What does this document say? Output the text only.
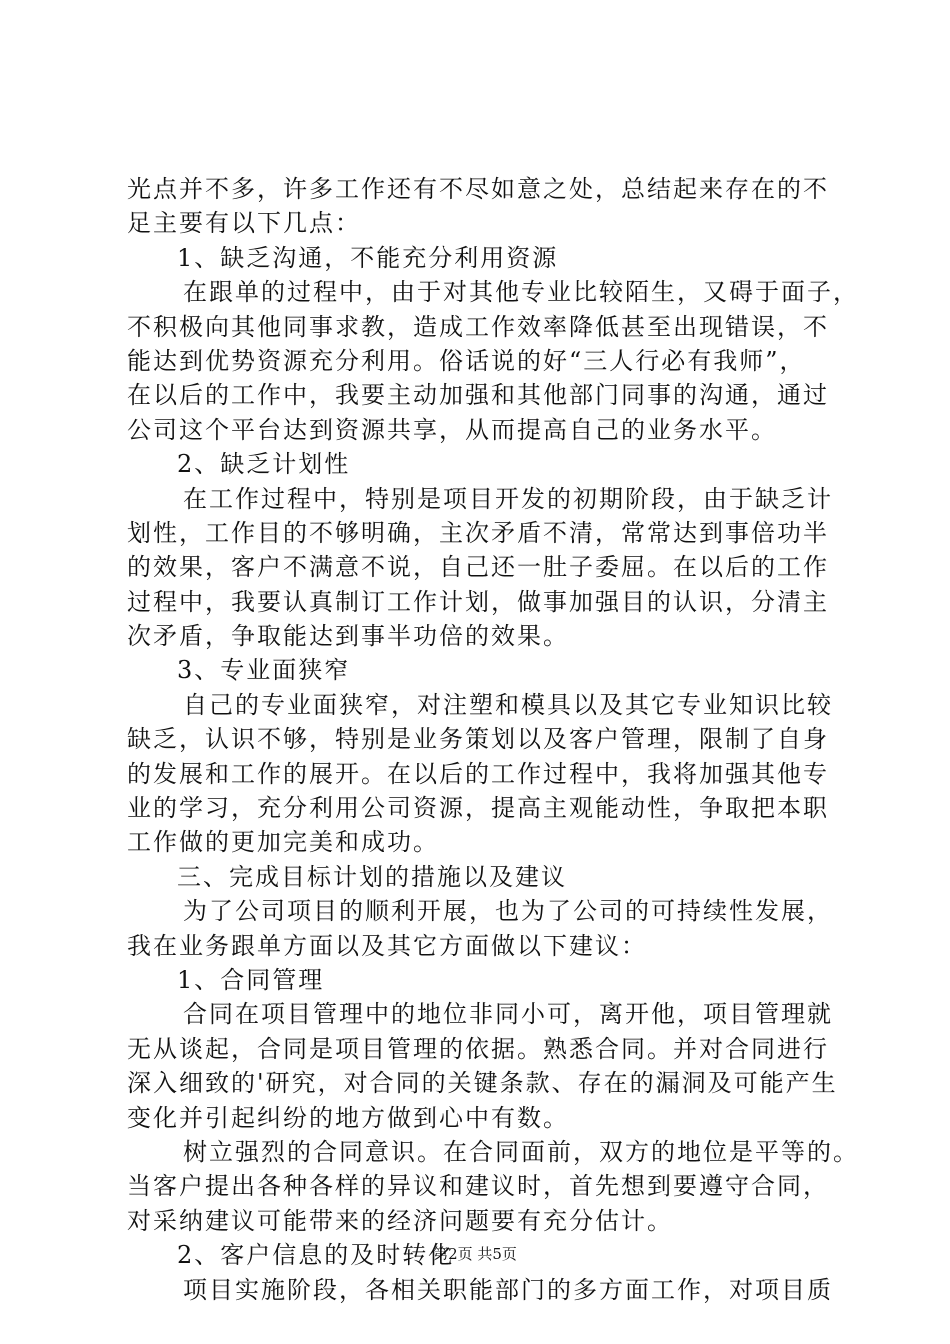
光点并不多，许多工作还有不尽如意之处，总结起来存在的不
足主要有以下几点：
1、缺乏沟通，不能充分利用资源
在跟单的过程中，由于对其他专业比较陌生，又碍于面子，
不积极向其他同事求教，造成工作效率降低甚至出现错误，不
能达到优势资源充分利用。俗话说的好“三人行必有我师”，
在以后的工作中，我要主动加强和其他部门同事的沟通，通过
公司这个平台达到资源共享，从而提高自己的业务水平。
2、缺乏计划性
在工作过程中，特别是项目开发的初期阶段，由于缺乏计
划性，工作目的不够明确，主次矛盾不清，常常达到事倍功半
的效果，客户不满意不说，自己还一肚子委屈。在以后的工作
过程中，我要认真制订工作计划，做事加强目的认识，分清主
次矛盾，争取能达到事半功倍的效果。
3、专业面狭窄
自己的专业面狭窄，对注塑和模具以及其它专业知识比较
缺乏，认识不够，特别是业务策划以及客户管理，限制了自身
的发展和工作的展开。在以后的工作过程中，我将加强其他专
业的学习，充分利用公司资源，提高主观能动性，争取把本职
工作做的更加完美和成功。
三、完成目标计划的措施以及建议
为了公司项目的顺利开展，也为了公司的可持续性发展，
我在业务跟单方面以及其它方面做以下建议：
1、合同管理
合同在项目管理中的地位非同小可，离开他，项目管理就
无从谈起，合同是项目管理的依据。熟悉合同。并对合同进行
深入细致的'研究，对合同的关键条款、存在的漏洞及可能产生
变化并引起纠纷的地方做到心中有数。
树立强烈的合同意识。在合同面前，双方的地位是平等的。
当客户提出各种各样的异议和建议时，首先想到要遵守合同，
对采纳建议可能带来的经济问题要有充分估计。
2、客户信息的及时转化
项目实施阶段，各相关职能部门的多方面工作，对项目质
第2页 共5页
